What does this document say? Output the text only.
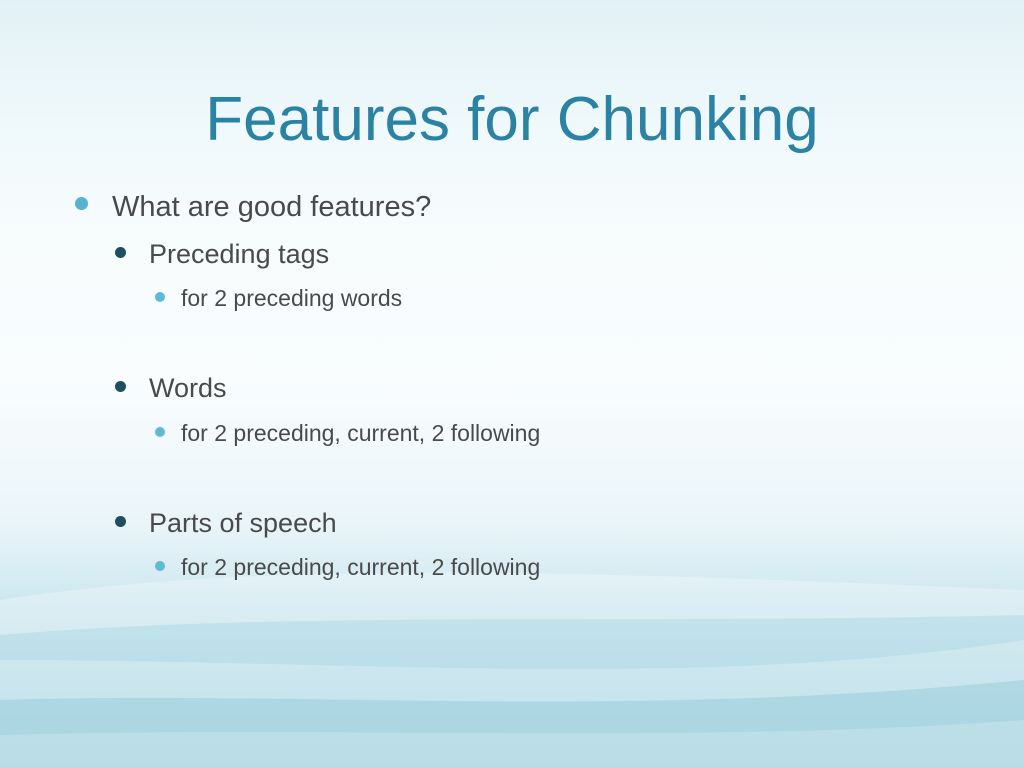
Features for Chunking
What are good features?
Preceding tags
for 2 preceding words
Words
for 2 preceding, current, 2 following
Parts of speech
for 2 preceding, current, 2 following
